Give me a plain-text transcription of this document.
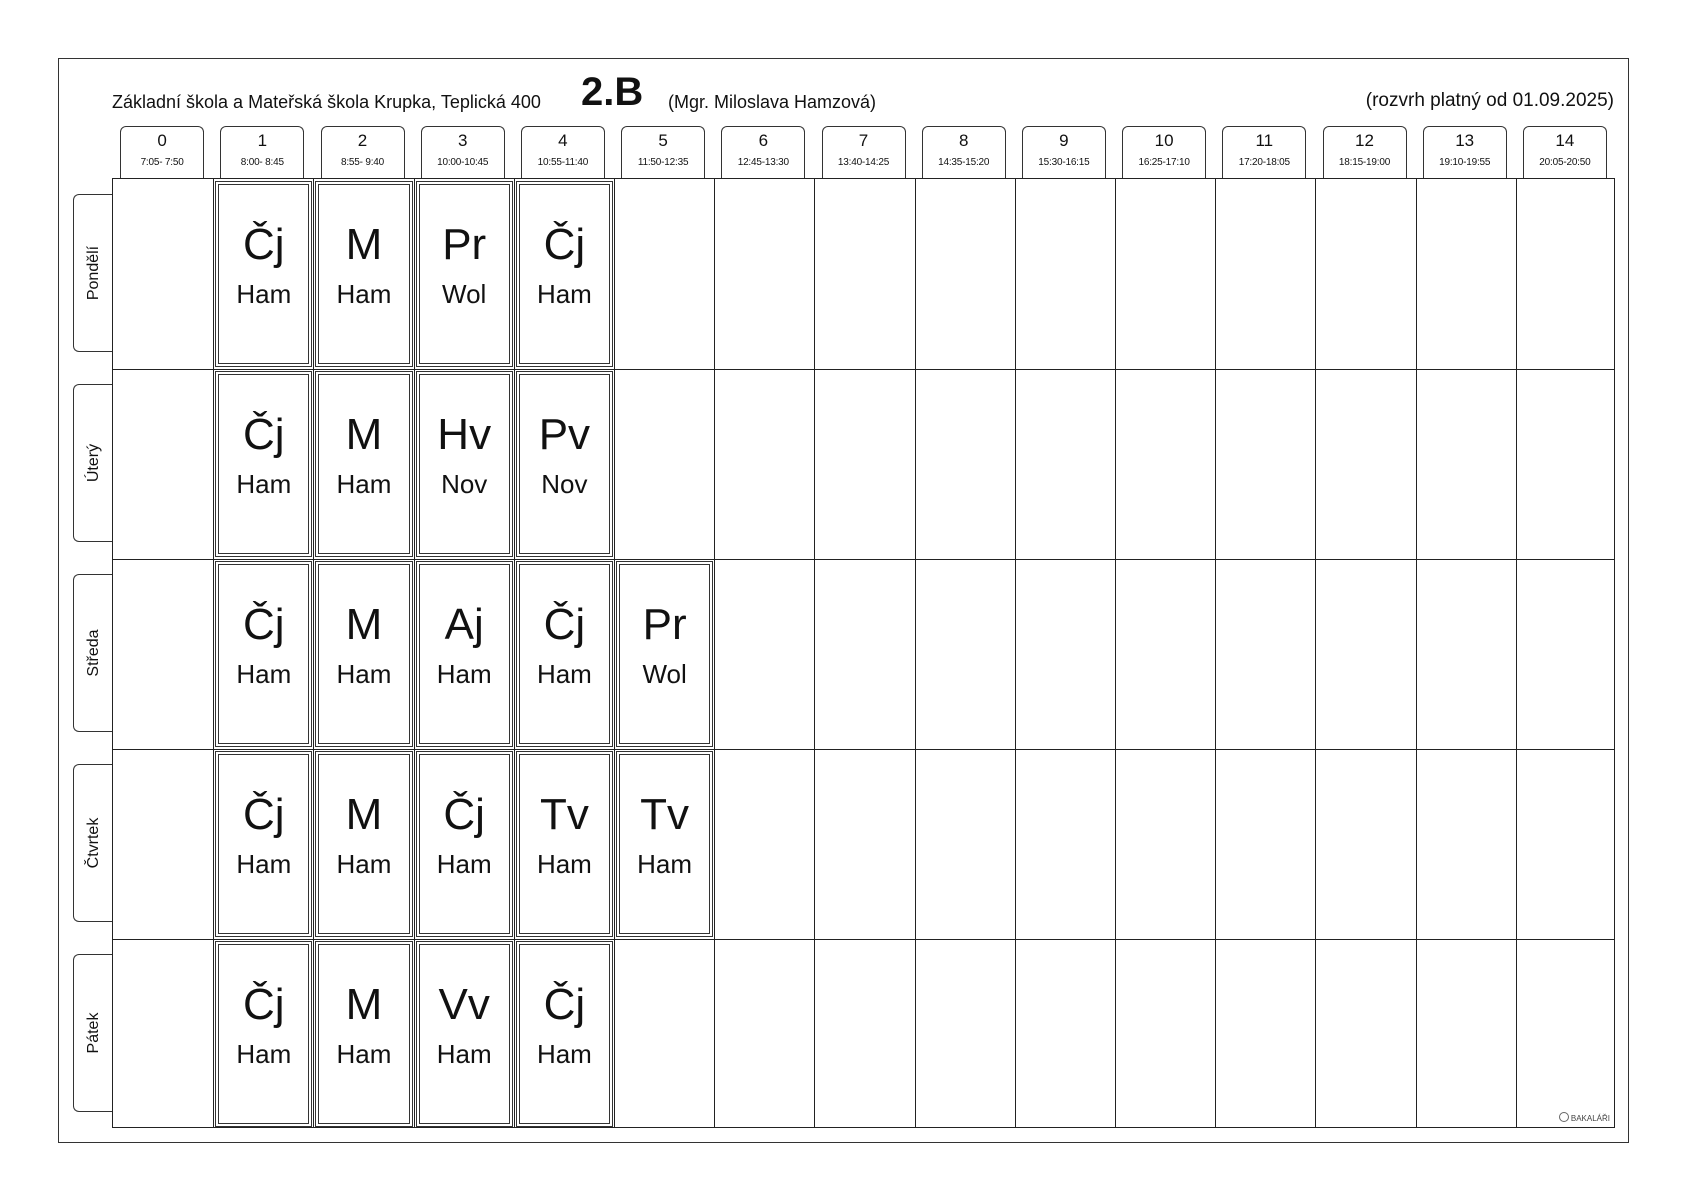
Základní škola a Mateřská škola Krupka, Teplická 400 2.B (Mgr. Miloslava Hamzová)	(rozvrh platný od 01.09.2025)
0
7:05- 7:50
1
8:00- 8:45
2
8:55- 9:40
3
10:00-10:45
4
10:55-11:40
5
11:50-12:35
6
12:45-13:30
7
13:40-14:25
8
14:35-15:20
9
15:30-16:15
10
16:25-17:10
11
17:20-18:05
12
18:15-19:00
13
19:10-19:55
14
20:05-20:50
Pondělí
Úterý
Středa
Čtvrtek
Pátek
Čj
Ham
M
Ham
Pr
Wol
Čj
Ham
Čj
Ham
M
Ham
Hv
Nov
Pv
Nov
Čj
Ham
M
Ham
Aj
Ham
Čj
Ham
Pr
Wol
Čj
Ham
M
Ham
Čj
Ham
Tv
Ham
Tv
Ham
Čj
Ham
M
Ham
Vv
Ham
Čj
Ham
BAKALÁŘI
